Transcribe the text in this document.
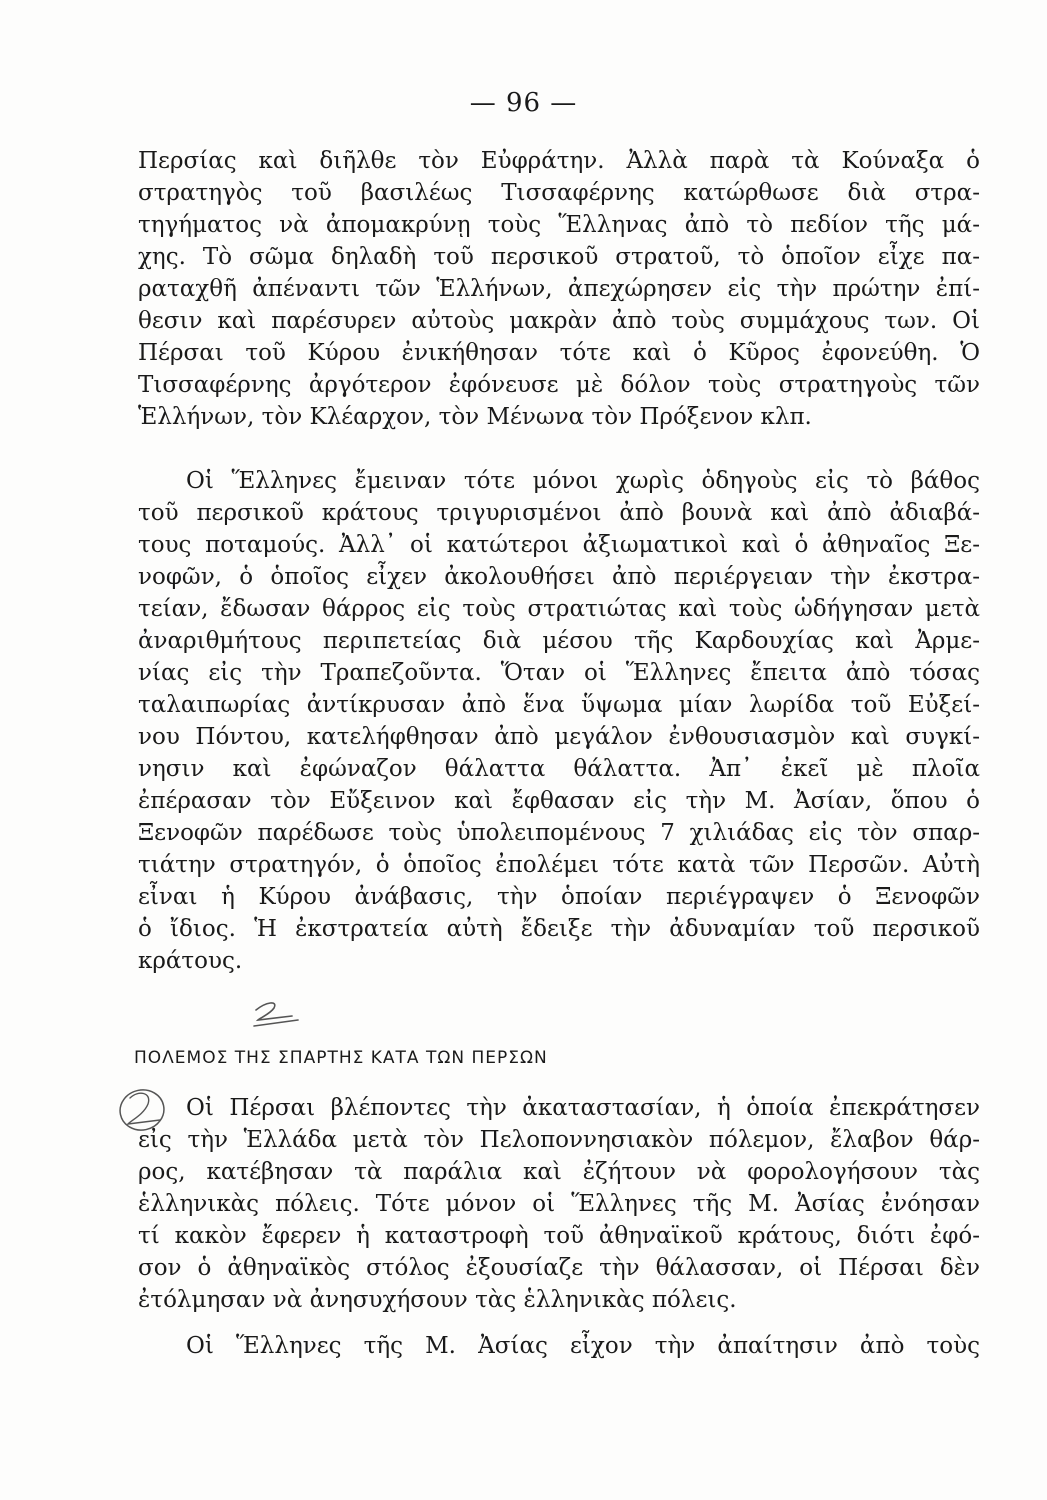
— 96 —
Περσίας καὶ διῆλθε τὸν Εὐφράτην. Ἀλλὰ παρὰ τὰ Κούναξα ὁ
στρατηγὸς τοῦ βασιλέως Τισσαφέρνης κατώρθωσε διὰ στρα-
τηγήματος νὰ ἀπομακρύνῃ τοὺς Ἕλληνας ἀπὸ τὸ πεδίον τῆς μά-
χης. Τὸ σῶμα δηλαδὴ τοῦ περσικοῦ στρατοῦ, τὸ ὁποῖον εἶχε πα-
ραταχθῆ ἀπέναντι τῶν Ἑλλήνων, ἀπεχώρησεν εἰς τὴν πρώτην ἐπί-
θεσιν καὶ παρέσυρεν αὐτοὺς μακρὰν ἀπὸ τοὺς συμμάχους των. Οἱ
Πέρσαι τοῦ Κύρου ἐνικήθησαν τότε καὶ ὁ Κῦρος ἐφονεύθη. Ὁ
Τισσαφέρνης ἀργότερον ἐφόνευσε μὲ δόλον τοὺς στρατηγοὺς τῶν
Ἑλλήνων, τὸν Κλέαρχον, τὸν Μένωνα τὸν Πρόξενον κλπ.
Οἱ Ἕλληνες ἔμειναν τότε μόνοι χωρὶς ὁδηγοὺς εἰς τὸ βάθος
τοῦ περσικοῦ κράτους τριγυρισμένοι ἀπὸ βουνὰ καὶ ἀπὸ ἀδιαβά-
τους ποταμούς. Ἀλλ᾽ οἱ κατώτεροι ἀξιωματικοὶ καὶ ὁ ἀθηναῖος Ξε-
νοφῶν, ὁ ὁποῖος εἶχεν ἀκολουθήσει ἀπὸ περιέργειαν τὴν ἐκστρα-
τείαν, ἔδωσαν θάρρος εἰς τοὺς στρατιώτας καὶ τοὺς ὡδήγησαν μετὰ
ἀναριθμήτους περιπετείας διὰ μέσου τῆς Καρδουχίας καὶ Ἀρμε-
νίας εἰς τὴν Τραπεζοῦντα. Ὅταν οἱ Ἕλληνες ἔπειτα ἀπὸ τόσας
ταλαιπωρίας ἀντίκρυσαν ἀπὸ ἕνα ὕψωμα μίαν λωρίδα τοῦ Εὐξεί-
νου Πόντου, κατελήφθησαν ἀπὸ μεγάλον ἐνθουσιασμὸν καὶ συγκί-
νησιν καὶ ἐφώναζον θάλαττα θάλαττα. Ἀπ᾽ ἐκεῖ μὲ πλοῖα
ἐπέρασαν τὸν Εὔξεινον καὶ ἔφθασαν εἰς τὴν Μ. Ἀσίαν, ὅπου ὁ
Ξενοφῶν παρέδωσε τοὺς ὑπολειπομένους 7 χιλιάδας εἰς τὸν σπαρ-
τιάτην στρατηγόν, ὁ ὁποῖος ἐπολέμει τότε κατὰ τῶν Περσῶν. Αὐτὴ
εἶναι ἡ Κύρου ἀνάβασις, τὴν ὁποίαν περιέγραψεν ὁ Ξενοφῶν
ὁ ἴδιος. Ἡ ἐκστρατεία αὐτὴ ἔδειξε τὴν ἀδυναμίαν τοῦ περσικοῦ
κράτους.
ΠΟΛΕΜΟΣ ΤΗΣ ΣΠΑΡΤΗΣ ΚΑΤΑ ΤΩΝ ΠΕΡΣΩΝ
Οἱ Πέρσαι βλέποντες τὴν ἀκαταστασίαν, ἡ ὁποία ἐπεκράτησεν
εἰς τὴν Ἑλλάδα μετὰ τὸν Πελοποννησιακὸν πόλεμον, ἔλαβον θάρ-
ρος, κατέβησαν τὰ παράλια καὶ ἐζήτουν νὰ φορολογήσουν τὰς
ἑλληνικὰς πόλεις. Τότε μόνον οἱ Ἕλληνες τῆς Μ. Ἀσίας ἐνόησαν
τί κακὸν ἔφερεν ἡ καταστροφὴ τοῦ ἀθηναϊκοῦ κράτους, διότι ἐφό-
σον ὁ ἀθηναϊκὸς στόλος ἐξουσίαζε τὴν θάλασσαν, οἱ Πέρσαι δὲν
ἐτόλμησαν νὰ ἀνησυχήσουν τὰς ἑλληνικὰς πόλεις.
Οἱ Ἕλληνες τῆς Μ. Ἀσίας εἶχον τὴν ἀπαίτησιν ἀπὸ τοὺς
